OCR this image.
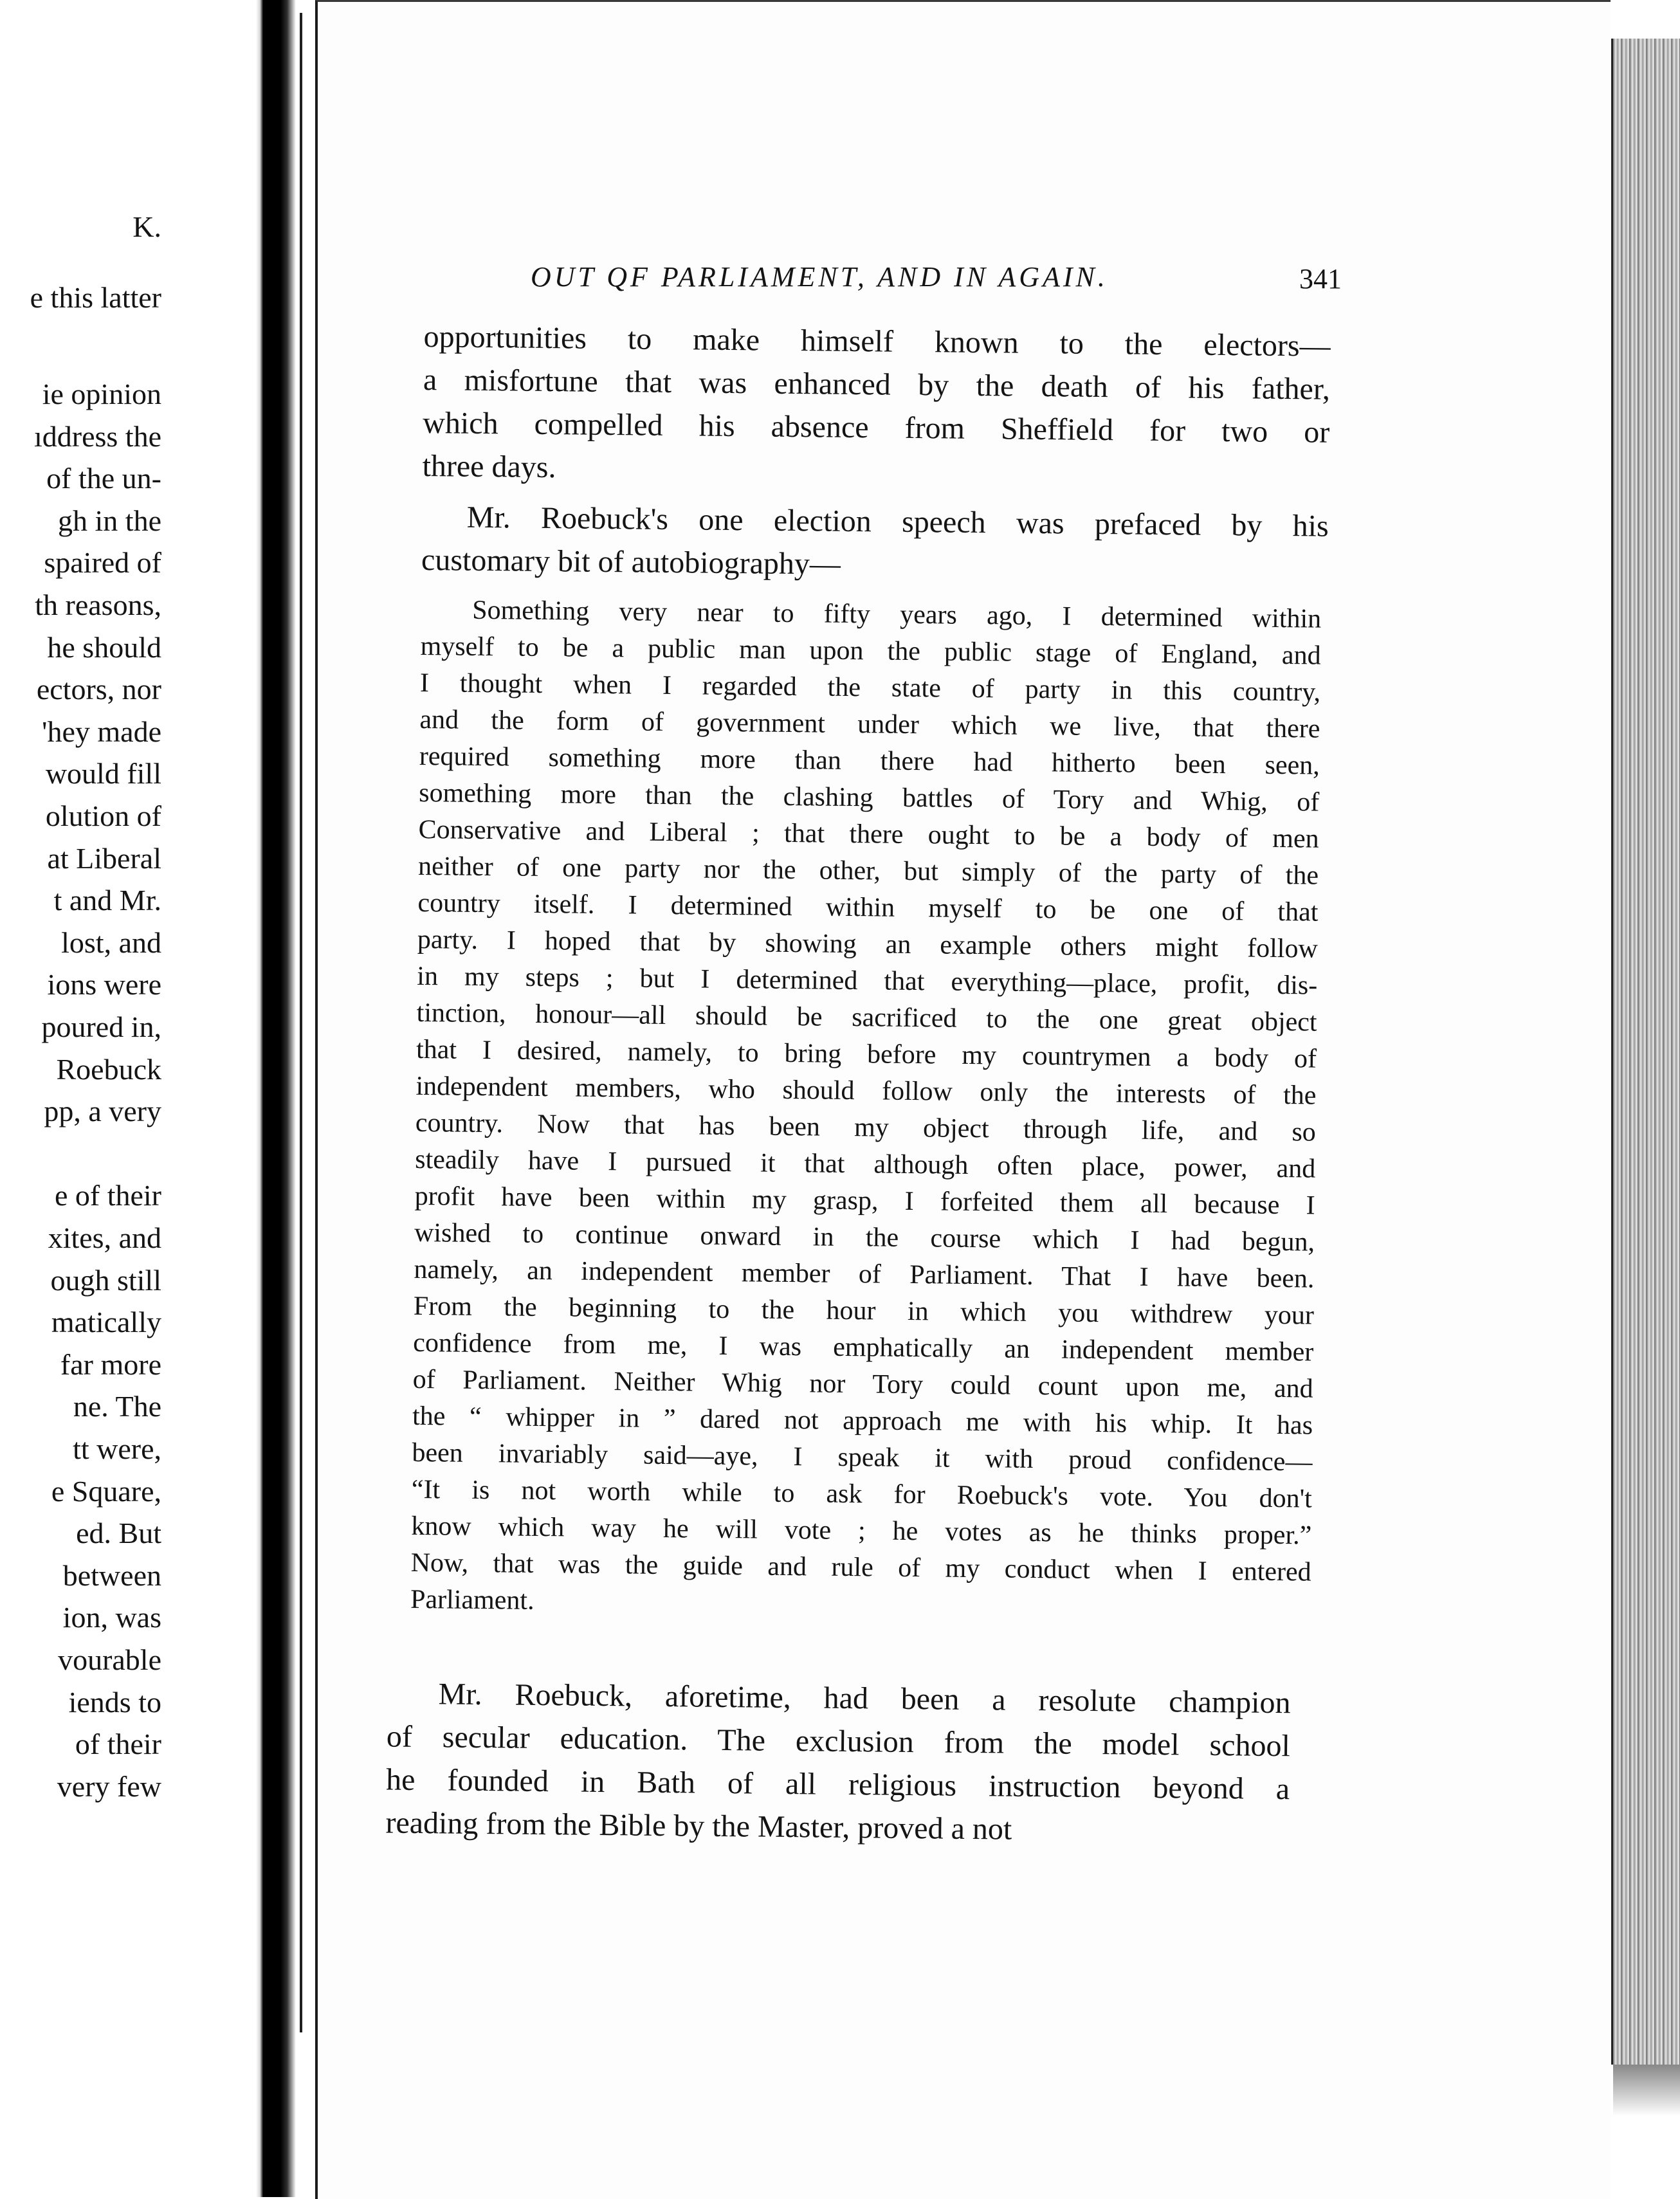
K.
e this latter
ie opinion
ıddress the
of the un-
gh in the
spaired of
th reasons,
he should
ectors, nor
'hey made
would fill
olution of
at Liberal
t and Mr.
lost, and
ions were
poured in,
Roebuck
pp, a very
e of their
xites, and
ough still
matically
far more
ne. The
tt were,
e Square,
ed. But
between
ion, was
vourable
iends to
of their
very few
OUT QF PARLIAMENT, AND IN AGAIN.	341
opportunities to make himself known to the electors—
a misfortune that was enhanced by the death of his father,
which compelled his absence from Sheffield for two or
three days.
Mr. Roebuck's one election speech was prefaced by his
customary bit of autobiography—
Something very near to fifty years ago, I determined within
myself to be a public man upon the public stage of England, and
I thought when I regarded the state of party in this country,
and the form of government under which we live, that there
required something more than there had hitherto been seen,
something more than the clashing battles of Tory and Whig, of
Conservative and Liberal ; that there ought to be a body of men
neither of one party nor the other, but simply of the party of the
country itself. I determined within myself to be one of that
party. I hoped that by showing an example others might follow
in my steps ; but I determined that everything—place, profit, dis-
tinction, honour—all should be sacrificed to the one great object
that I desired, namely, to bring before my countrymen a body of
independent members, who should follow only the interests of the
country. Now that has been my object through life, and so
steadily have I pursued it that although often place, power, and
profit have been within my grasp, I forfeited them all because I
wished to continue onward in the course which I had begun,
namely, an independent member of Parliament. That I have been.
From the beginning to the hour in which you withdrew your
confidence from me, I was emphatically an independent member
of Parliament. Neither Whig nor Tory could count upon me, and
the “ whipper in ” dared not approach me with his whip. It has
been invariably said—aye, I speak it with proud confidence—
“It is not worth while to ask for Roebuck's vote. You don't
know which way he will vote ; he votes as he thinks proper.”
Now, that was the guide and rule of my conduct when I entered
Parliament.
Mr. Roebuck, aforetime, had been a resolute champion
of secular education. The exclusion from the model school
he founded in Bath of all religious instruction beyond a
reading from the Bible by the Master, proved a not
